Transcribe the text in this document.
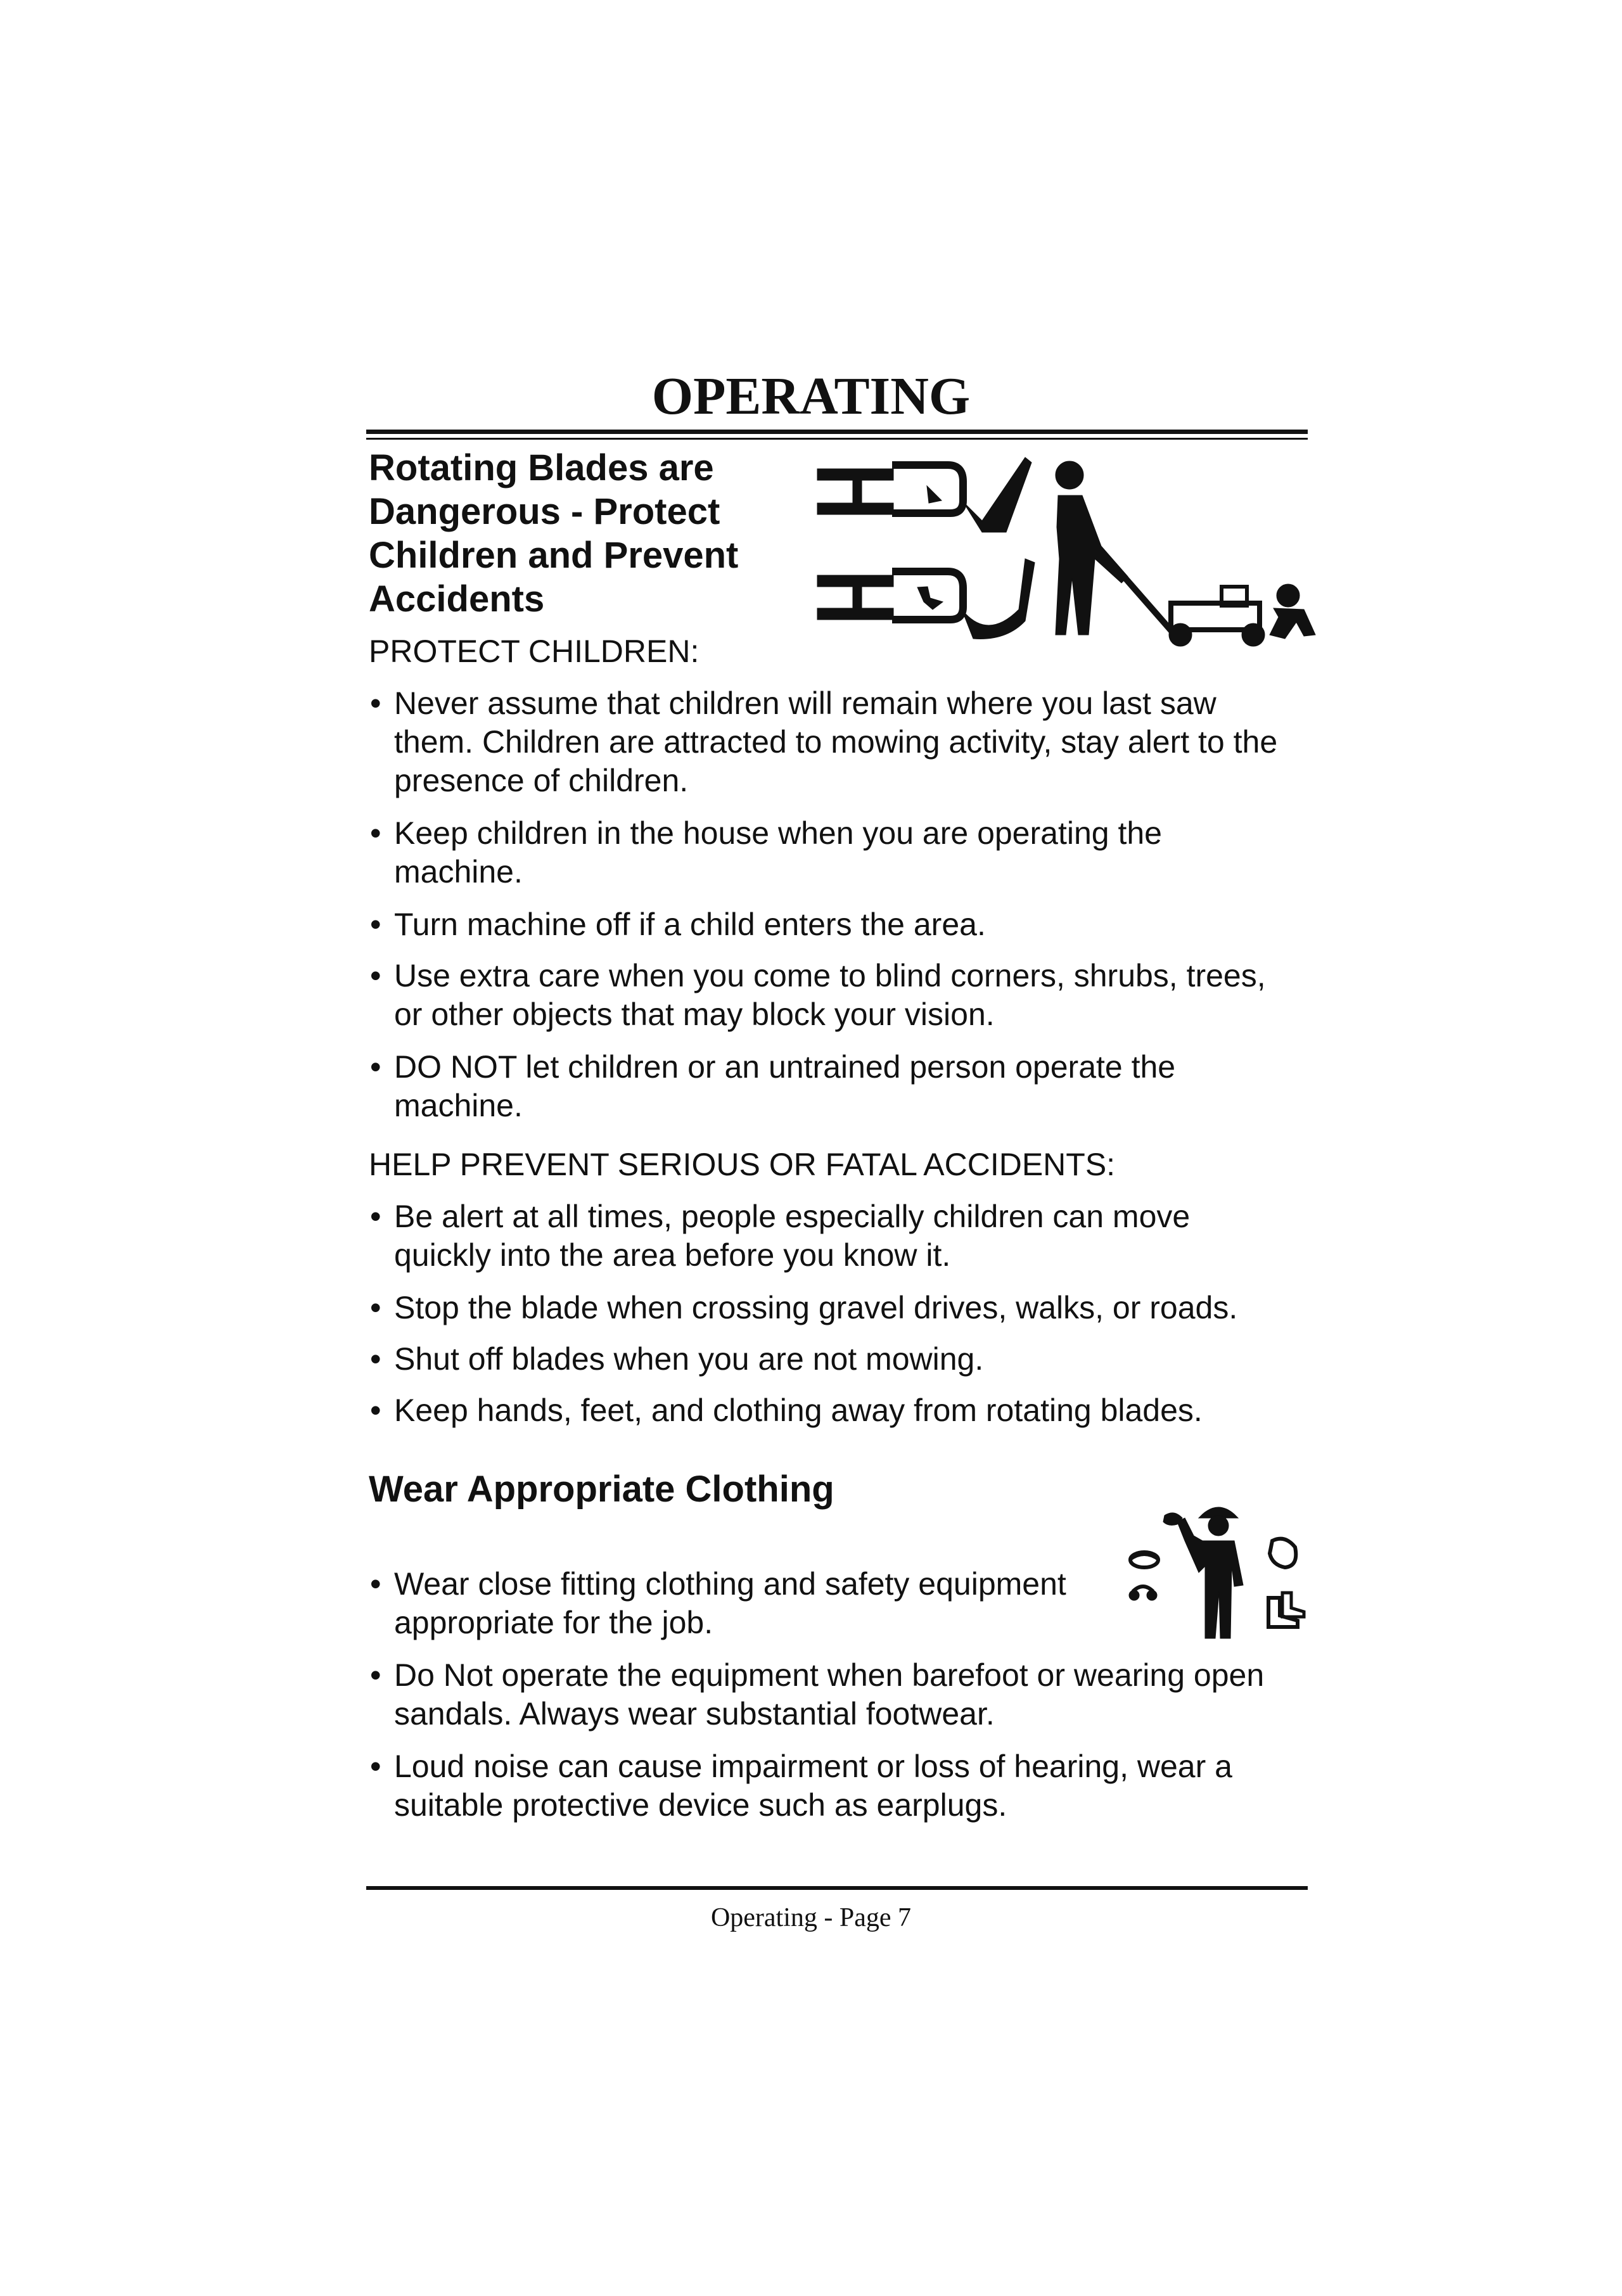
OPERATING
Rotating Blades are
Dangerous - Protect
Children and Prevent
Accidents

PROTECT CHILDREN:

• Never assume that children will remain where you last saw
them. Children are attracted to mowing activity, stay alert to the
presence of children.
• Keep children in the house when you are operating the
machine.
• Turn machine off if a child enters the area.
• Use extra care when you come to blind corners, shrubs, trees,
or other objects that may block your vision.
• DO NOT let children or an untrained person operate the
machine.

HELP PREVENT SERIOUS OR FATAL ACCIDENTS:

• Be alert at all times, people especially children can move
quickly into the area before you know it.
• Stop the blade when crossing gravel drives, walks, or roads.
• Shut off blades when you are not mowing.
• Keep hands, feet, and clothing away from rotating blades.
Wear Appropriate Clothing
• Wear close fitting clothing and safety equipment
appropriate for the job.
• Do Not operate the equipment when barefoot or wearing open
sandals. Always wear substantial footwear.
• Loud noise can cause impairment or loss of hearing, wear a
suitable protective device such as earplugs.
Operating - Page 7
